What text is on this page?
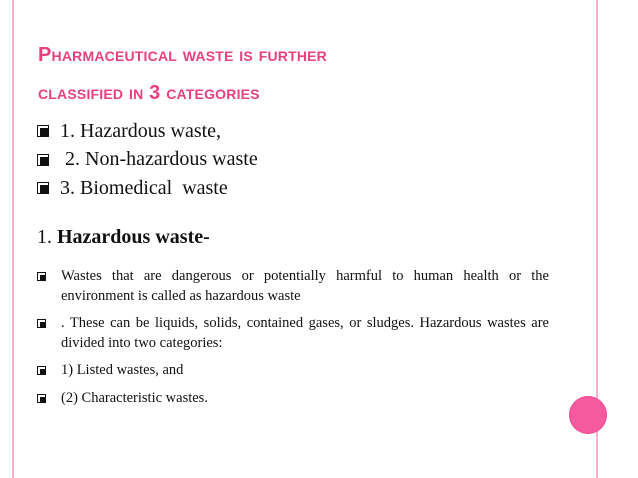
Pharmaceutical waste is further
classified in 3 categories
1. Hazardous waste,
2. Non-hazardous waste
3. Biomedical  waste
1. Hazardous waste-
Wastes that are dangerous or potentially harmful to human health or the environment is called as hazardous waste
. These can be liquids, solids, contained gases, or sludges. Hazardous wastes are divided into two categories:
1) Listed wastes, and
(2) Characteristic wastes.
